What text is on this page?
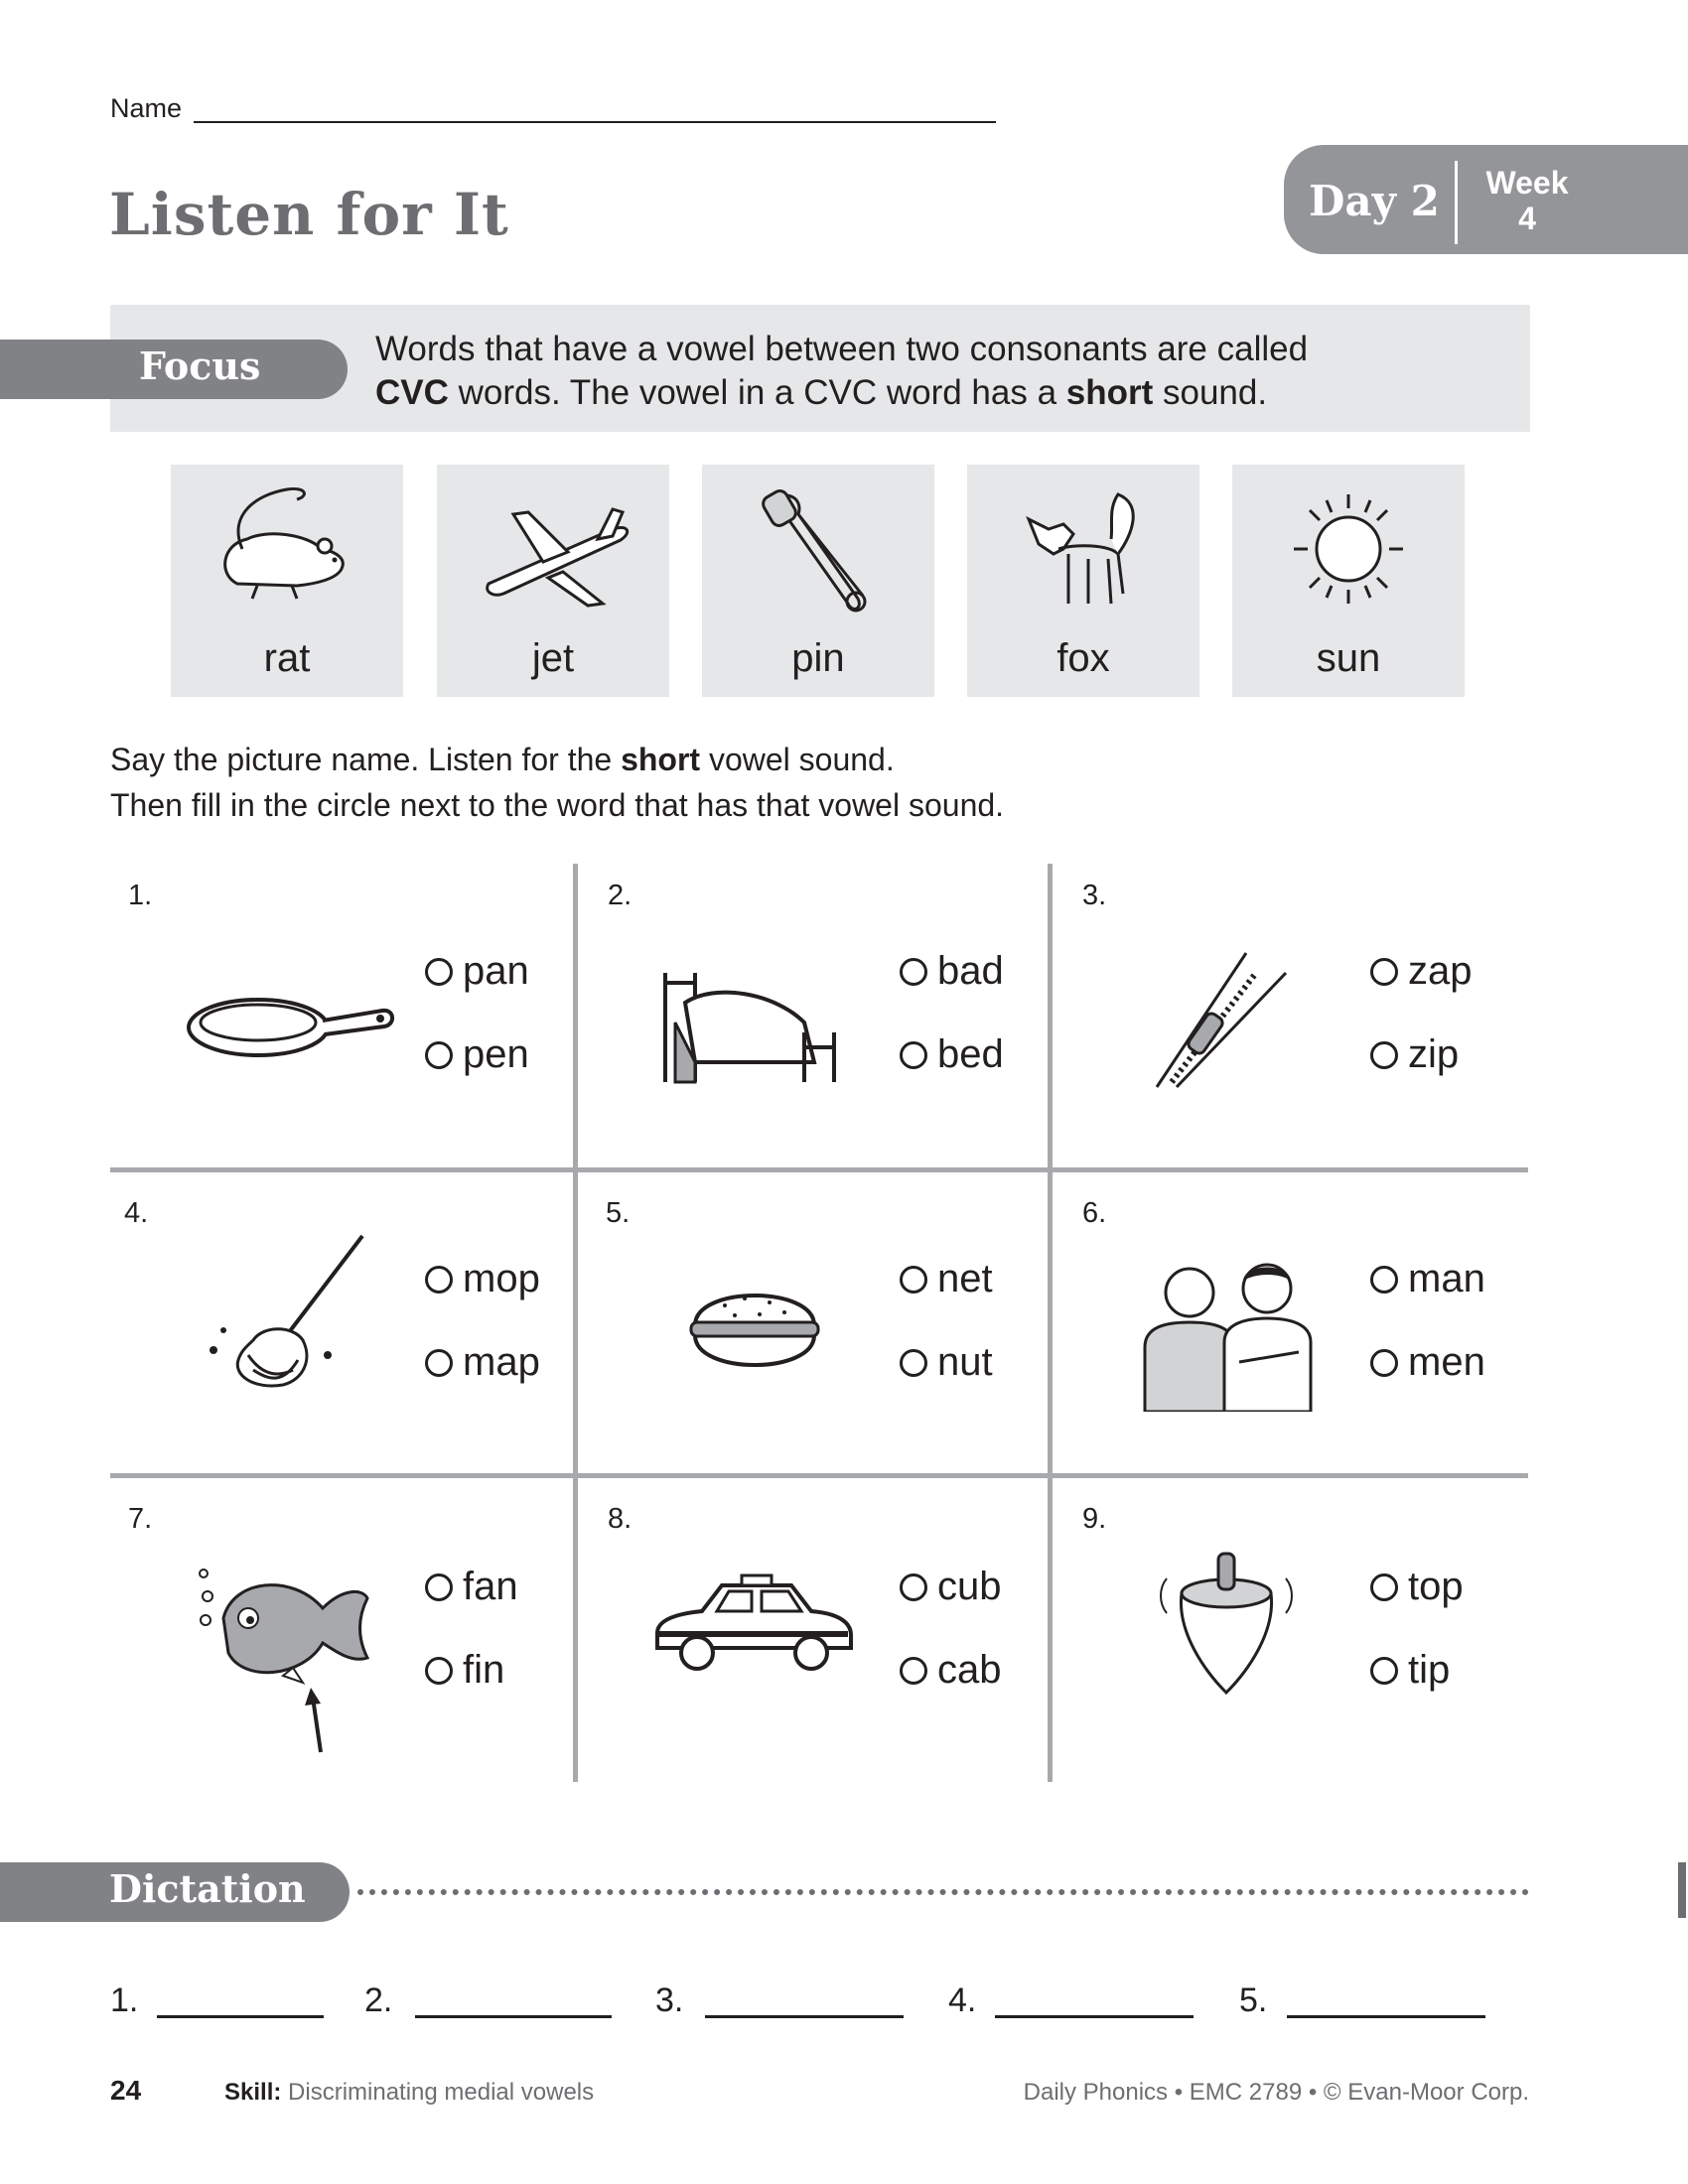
Name
Listen for It	Day 2	Week
4
Focus	Words that have a vowel between two consonants are called
CVC words. The vowel in a CVC word has a short sound.
rat	jet	pin	fox	sun
Say the picture name. Listen for the short vowel sound.
Then fill in the circle next to the word that has that vowel sound.
1.
pan
pen
2.
bad
bed
3.
zap
zip
4.
mop
map
5.
net
nut
6.
man
men
7.
fan
fin
8.
cub
cab
9.
top
tip
Dictation
1.	2.	3.	4.	5.
24	Skill: Discriminating medial vowels	Daily Phonics • EMC 2789 • © Evan-Moor Corp.
